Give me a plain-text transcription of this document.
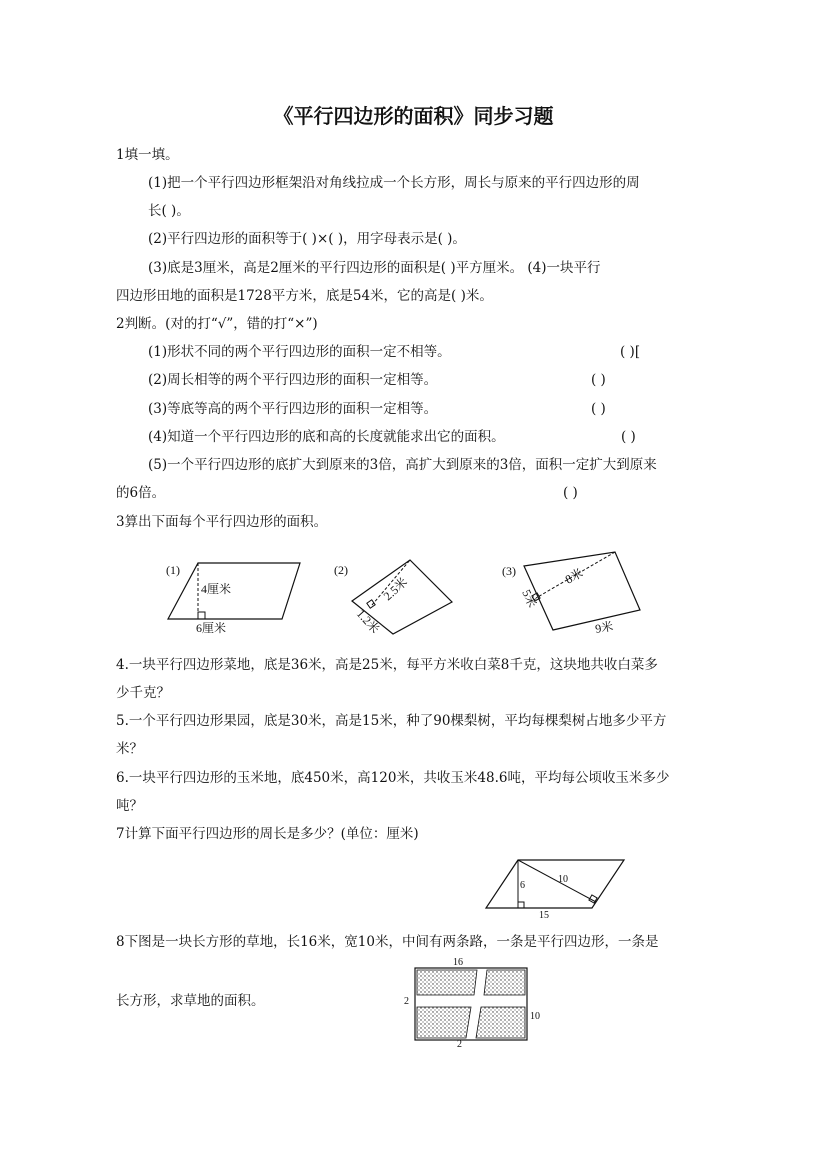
《平行四边形的面积》同步习题
1填一填。
(1)把一个平行四边形框架沿对角线拉成一个长方形，周长与原来的平行四边形的周
长( )。
(2)平行四边形的面积等于( )×( )，用字母表示是( )。
(3)底是3厘米，高是2厘米的平行四边形的面积是( )平方厘米。 (4)一块平行
四边形田地的面积是1728平方米，底是54米，它的高是( )米。
2判断。(对的打“√”，错的打“×”)
(1)形状不同的两个平行四边形的面积一定不相等。	( )[
(2)周长相等的两个平行四边形的面积一定相等。	( )
(3)等底等高的两个平行四边形的面积一定相等。	( )
(4)知道一个平行四边形的底和高的长度就能求出它的面积。	( )
(5)一个平行四边形的底扩大到原来的3倍，高扩大到原来的3倍，面积一定扩大到原来
的6倍。	( )
3算出下面每个平行四边形的面积。
(1)
4厘米
6厘米
(2)
2.5米
1.2米
(3)	8米
5米
9米
4.一块平行四边形菜地，底是36米，高是25米，每平方米收白菜8千克，这块地共收白菜多
少千克？
5.一个平行四边形果园，底是30米，高是15米，种了90棵梨树，平均每棵梨树占地多少平方
米？
6.一块平行四边形的玉米地，底450米，高120米，共收玉米48.6吨，平均每公顷收玉米多少
吨？
7计算下面平行四边形的周长是多少？(单位：厘米)
6
10
15
8下图是一块长方形的草地，长16米，宽10米，中间有两条路，一条是平行四边形，一条是
长方形，求草地的面积。
16
2
10
2
